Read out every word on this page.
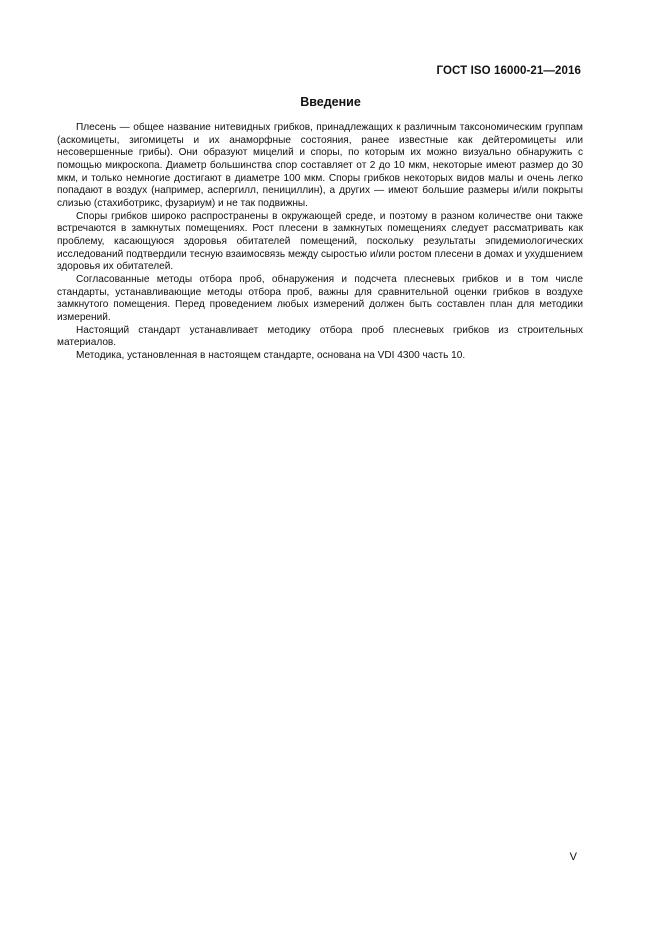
ГОСТ ISO 16000-21—2016
Введение

Плесень — общее название нитевидных грибков, принадлежащих к различным таксономическим группам (аскомицеты, зигомицеты и их анаморфные состояния, ранее известные как дейтеромицеты или несовершенные грибы). Они образуют мицелий и споры, по которым их можно визуально обнаружить с помощью микроскопа. Диаметр большинства спор составляет от 2 до 10 мкм, некоторые имеют размер до 30 мкм, и только немногие достигают в диаметре 100 мкм. Споры грибков некоторых видов малы и очень легко попадают в воздух (например, аспергилл, пенициллин), а других — имеют большие размеры и/или покрыты слизью (стахиботрикс, фузариум) и не так подвижны.

Споры грибков широко распространены в окружающей среде, и поэтому в разном количестве они также встречаются в замкнутых помещениях. Рост плесени в замкнутых помещениях следует рассматривать как проблему, касающуюся здоровья обитателей помещений, поскольку результаты эпидемиологических исследований подтвердили тесную взаимосвязь между сыростью и/или ростом плесени в домах и ухудшением здоровья их обитателей.

Согласованные методы отбора проб, обнаружения и подсчета плесневых грибков и в том числе стандарты, устанавливающие методы отбора проб, важны для сравнительной оценки грибков в воздухе замкнутого помещения. Перед проведением любых измерений должен быть составлен план для методики измерений.

Настоящий стандарт устанавливает методику отбора проб плесневых грибков из строительных материалов.

Методика, установленная в настоящем стандарте, основана на VDI 4300 часть 10.

V
